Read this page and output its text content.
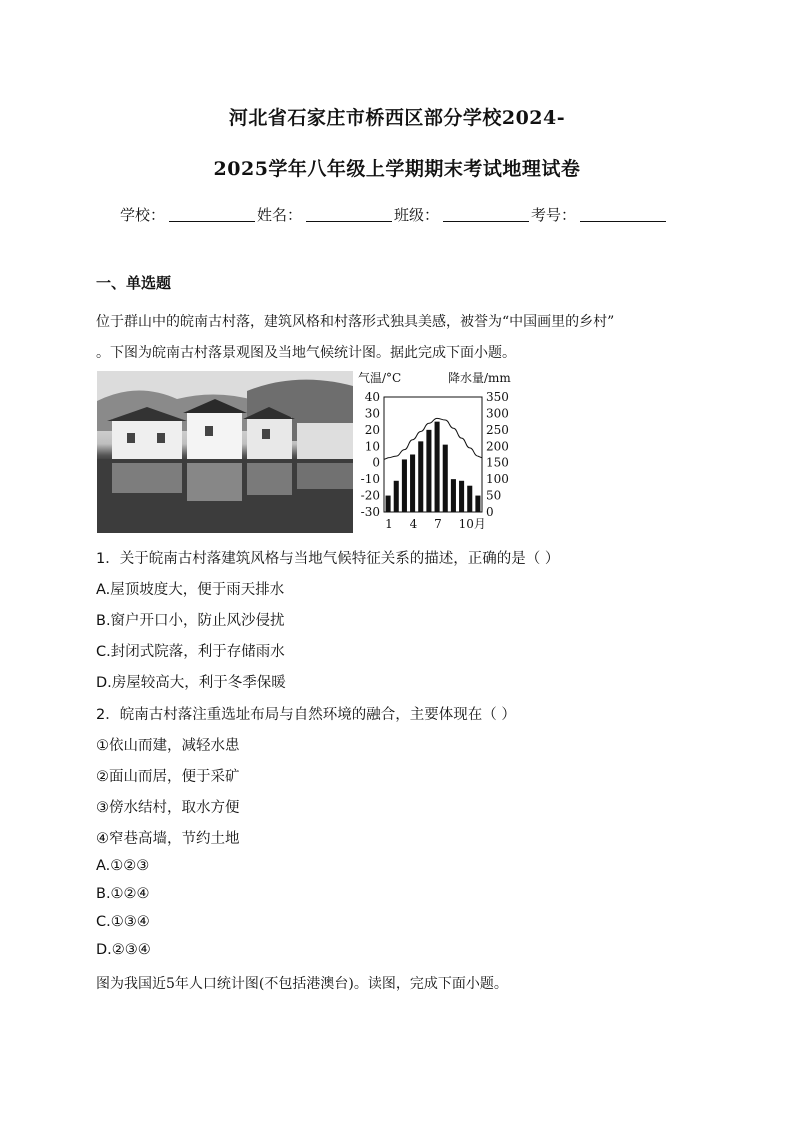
河北省石家庄市桥西区部分学校2024-
2025学年八年级上学期期末考试地理试卷
学校：	姓名：	班级：	考号：
一、单选题
位于群山中的皖南古村落，建筑风格和村落形式独具美感，被誉为“中国画里的乡村”
。下图为皖南古村落景观图及当地气候统计图。据此完成下面小题。
气温/°C	降水量/mm
40
30
20
10
0
-10
-20
-30
350
300
250
200
150
100
50
0
1 4 7 10月
1．关于皖南古村落建筑风格与当地气候特征关系的描述，正确的是（ ）
A.屋顶坡度大，便于雨天排水
B.窗户开口小，防止风沙侵扰
C.封闭式院落，利于存储雨水
D.房屋较高大，利于冬季保暖
2．皖南古村落注重选址布局与自然环境的融合，主要体现在（ ）
①依山而建，减轻水患
②面山而居，便于采矿
③傍水结村，取水方便
④窄巷高墙，节约土地
A.①②③
B.①②④
C.①③④
D.②③④
图为我国近5年人口统计图(不包括港澳台)。读图，完成下面小题。
